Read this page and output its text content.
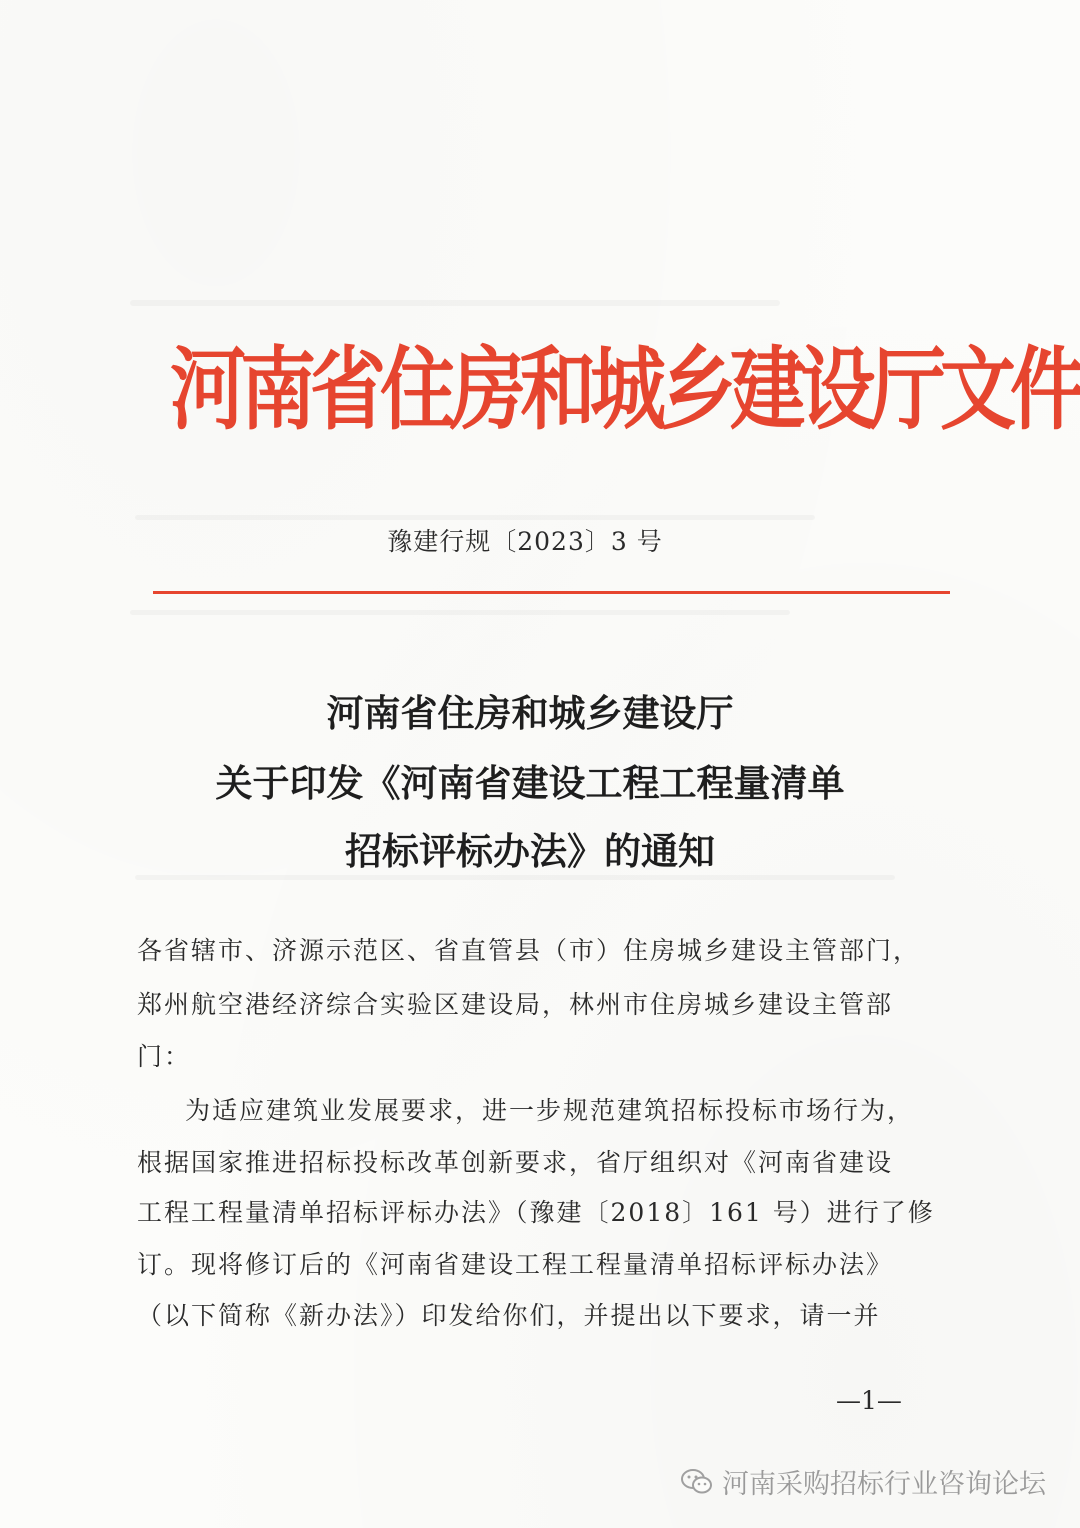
河南省住房和城乡建设厅文件
豫建行规〔2023〕3 号
河南省住房和城乡建设厅
关于印发《河南省建设工程工程量清单
招标评标办法》的通知
各省辖市、济源示范区、省直管县（市）住房城乡建设主管部门，
郑州航空港经济综合实验区建设局，林州市住房城乡建设主管部
门：
为适应建筑业发展要求，进一步规范建筑招标投标市场行为，
根据国家推进招标投标改革创新要求，省厅组织对《河南省建设
工程工程量清单招标评标办法》（豫建〔2018〕161 号）进行了修
订。现将修订后的《河南省建设工程工程量清单招标评标办法》
（以下简称《新办法》）印发给你们，并提出以下要求，请一并
—1—
河南采购招标行业咨询论坛
